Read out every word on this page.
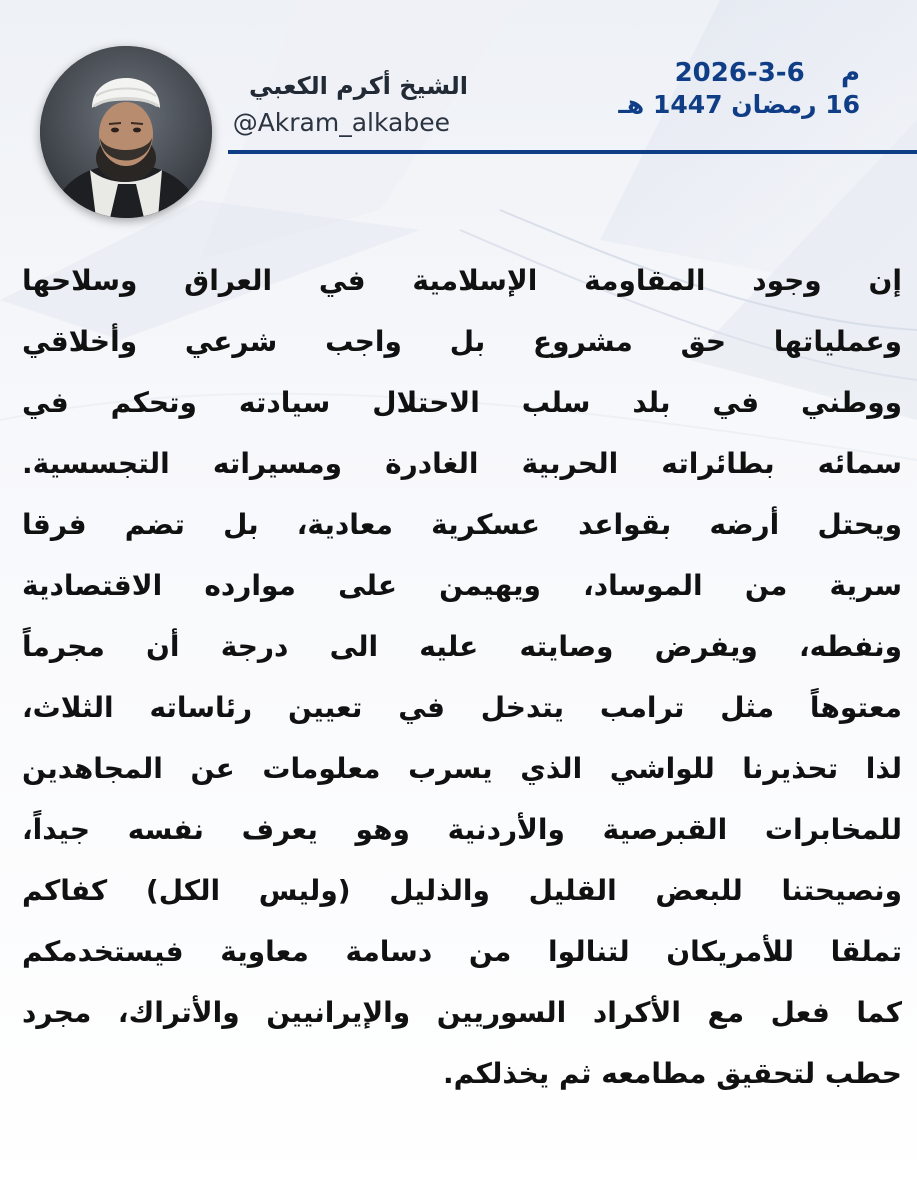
الشيخ أكرم الكعبي
@Akram_alkabee
م    2026-3-6
16 رمضان 1447 هـ
إن وجود المقاومة الإسلامية في العراق وسلاحها
وعملياتها حق مشروع بل واجب شرعي وأخلاقي
ووطني في بلد سلب الاحتلال سيادته وتحكم في
سمائه بطائراته الحربية الغادرة ومسيراته التجسسية.
ويحتل أرضه بقواعد عسكرية معادية، بل تضم فرقا
سرية من الموساد، ويهيمن على موارده الاقتصادية
ونفطه، ويفرض وصايته عليه الى درجة أن مجرماً
معتوهاً مثل ترامب يتدخل في تعيين رئاساته الثلاث،
لذا تحذيرنا للواشي الذي يسرب معلومات عن المجاهدين
للمخابرات القبرصية والأردنية وهو يعرف نفسه جيداً،
ونصيحتنا للبعض القليل والذليل (وليس الكل) كفاكم
تملقا للأمريكان لتنالوا من دسامة معاوية فيستخدمكم
كما فعل مع الأكراد السوريين والإيرانيين والأتراك، مجرد
حطب لتحقيق مطامعه ثم يخذلكم.
